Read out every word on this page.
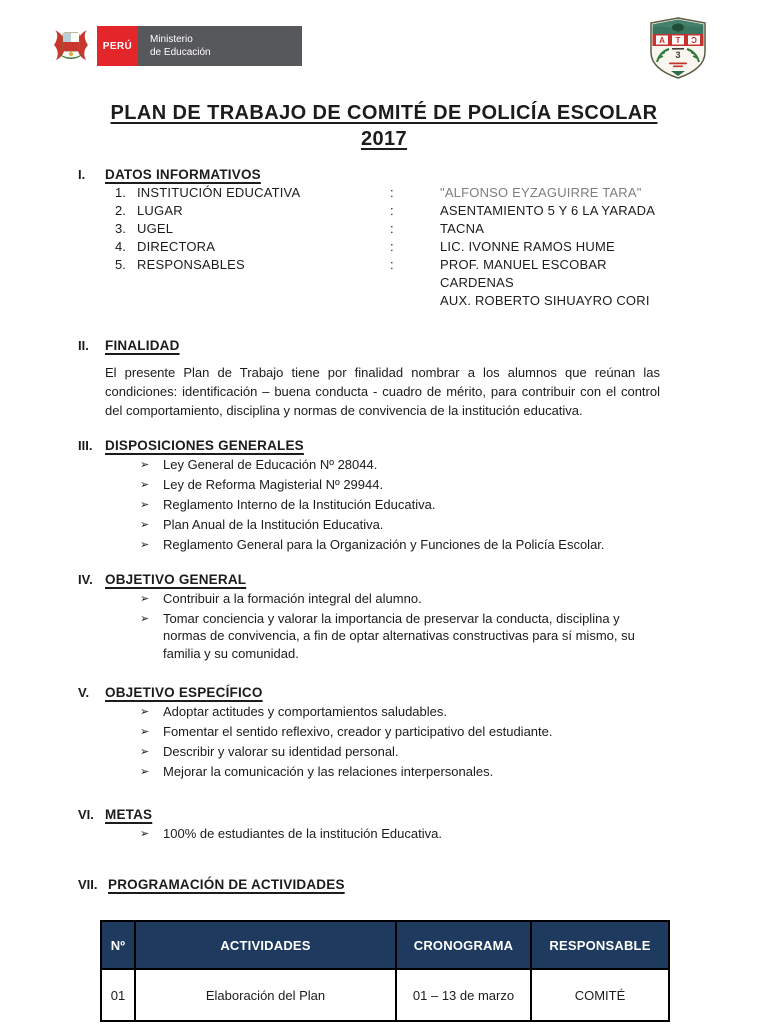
PERÚ
Ministerio
de Educación
A T Ɔ
3
PLAN DE TRABAJO DE COMITÉ DE POLICÍA ESCOLAR
2017
I.	DATOS INFORMATIVOS
1. INSTITUCIÓN EDUCATIVA	:	"ALFONSO EYZAGUIRRE TARA"
2. LUGAR	:	ASENTAMIENTO 5 Y 6 LA YARADA
3. UGEL	:	TACNA
4. DIRECTORA	:	LIC. IVONNE RAMOS HUME
5. RESPONSABLES	:	PROF. MANUEL ESCOBAR CARDENAS
AUX. ROBERTO SIHUAYRO CORI
II.	FINALIDAD

El presente Plan de Trabajo tiene por finalidad nombrar a los alumnos que reúnan las condiciones: identificación – buena conducta - cuadro de mérito, para contribuir con el control del comportamiento, disciplina y normas de convivencia de la institución educativa.

III. DISPOSICIONES GENERALES
➢	Ley General de Educación Nº 28044.
➢	Ley de Reforma Magisterial Nº 29944.
➢	Reglamento Interno de la Institución Educativa.
➢	Plan Anual de la Institución Educativa.
➢	Reglamento General para la Organización y Funciones de la Policía Escolar.
IV. OBJETIVO GENERAL
➢	Contribuir a la formación integral del alumno.
➢	Tomar conciencia y valorar la importancia de preservar la conducta, disciplina y normas de convivencia, a fin de optar alternativas constructivas para sí mismo, su familia y su comunidad.
V.	OBJETIVO ESPECÍFICO
➢	Adoptar actitudes y comportamientos saludables.
➢	Fomentar el sentido reflexivo, creador y participativo del estudiante.
➢	Describir y valorar su identidad personal.
➢	Mejorar la comunicación y las relaciones interpersonales.
VI. METAS
➢	100% de estudiantes de la institución Educativa.
VII. PROGRAMACIÓN DE ACTIVIDADES
Nº	ACTIVIDADES	CRONOGRAMA	RESPONSABLE
01	Elaboración del Plan	01 – 13 de marzo	COMITÉ
